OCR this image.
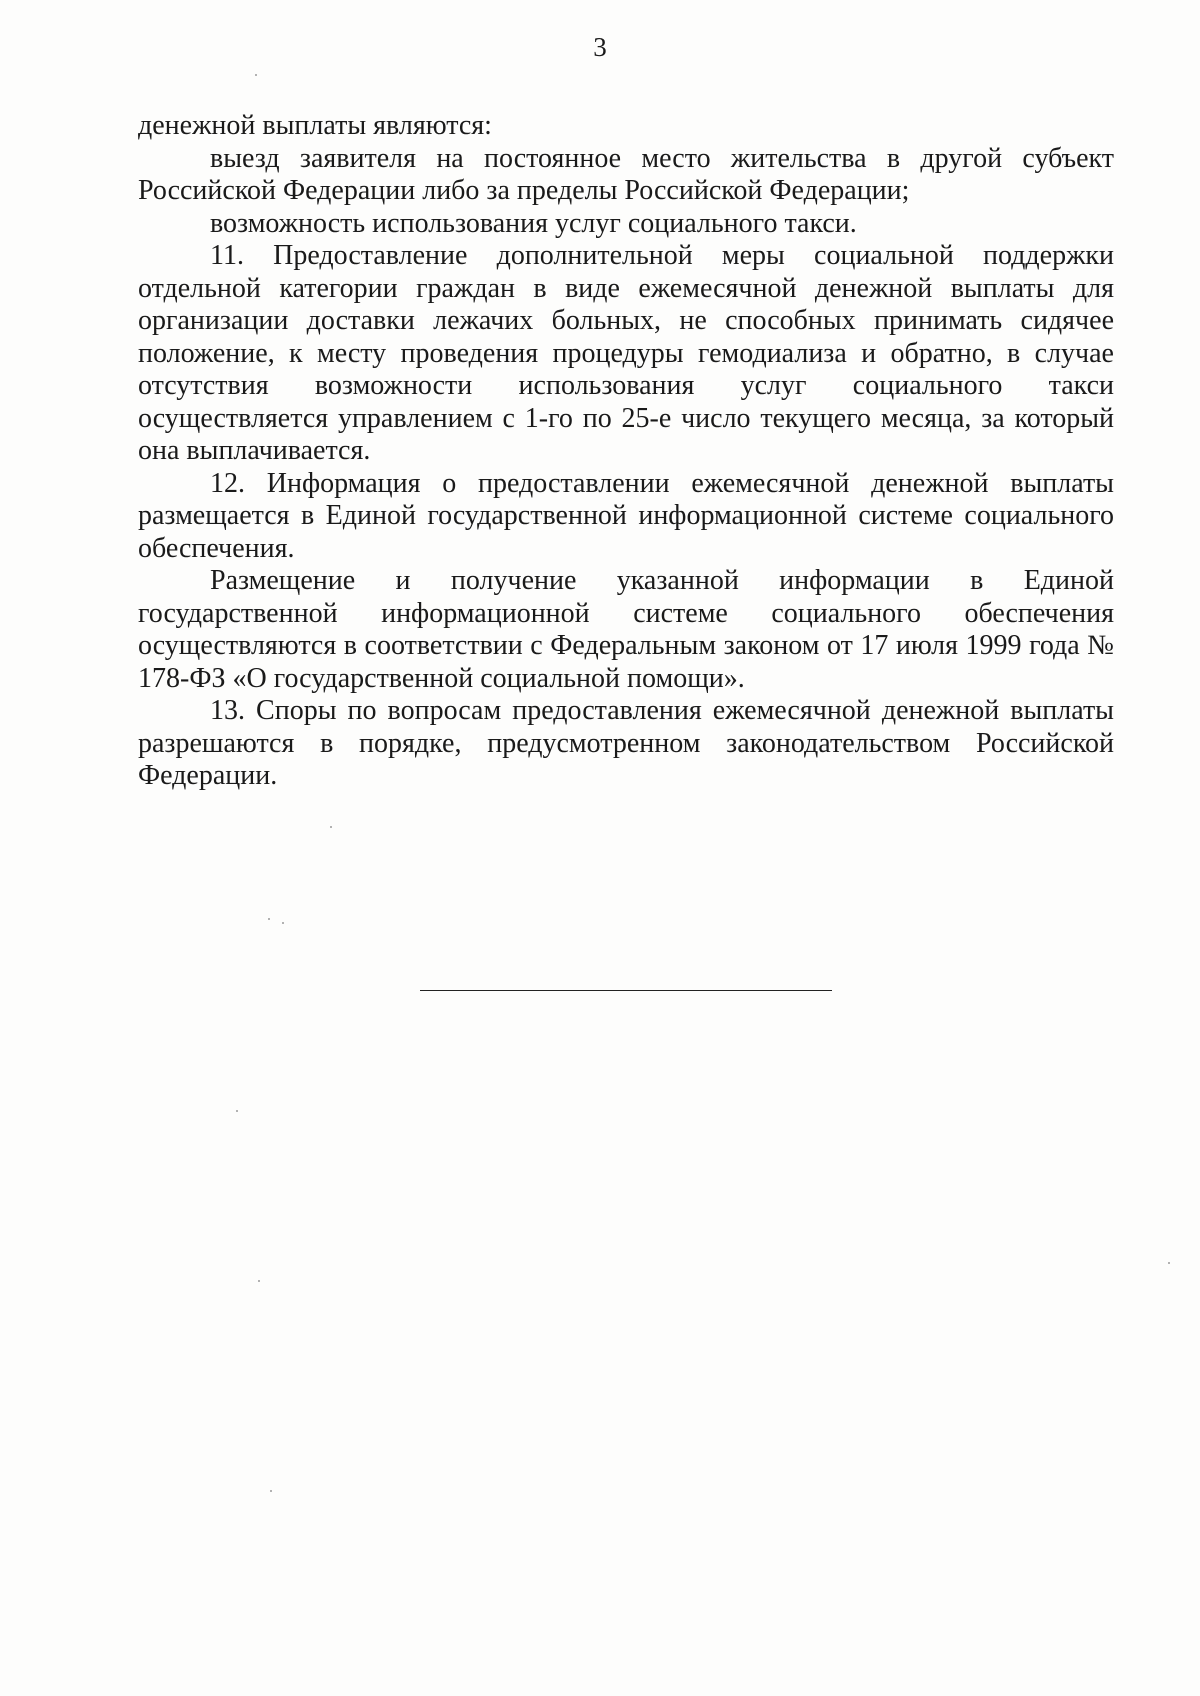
3

денежной выплаты являются:

выезд заявителя на постоянное место жительства в другой субъект Российской Федерации либо за пределы Российской Федерации;

возможность использования услуг социального такси.

11. Предоставление дополнительной меры социальной поддержки отдельной категории граждан в виде ежемесячной денежной выплаты для организации доставки лежачих больных, не способных принимать сидячее положение, к месту проведения процедуры гемодиализа и обратно, в случае отсутствия возможности использования услуг социального такси осуществляется управлением с 1-го по 25-е число текущего месяца, за который она выплачивается.

12. Информация о предоставлении ежемесячной денежной выплаты размещается в Единой государственной информационной системе социального обеспечения.

Размещение и получение указанной информации в Единой государственной информационной системе социального обеспечения осуществляются в соответствии с Федеральным законом от 17 июля 1999 года № 178-ФЗ «О государственной социальной помощи».

13. Споры по вопросам предоставления ежемесячной денежной выплаты разрешаются в порядке, предусмотренном законодательством Российской Федерации.
